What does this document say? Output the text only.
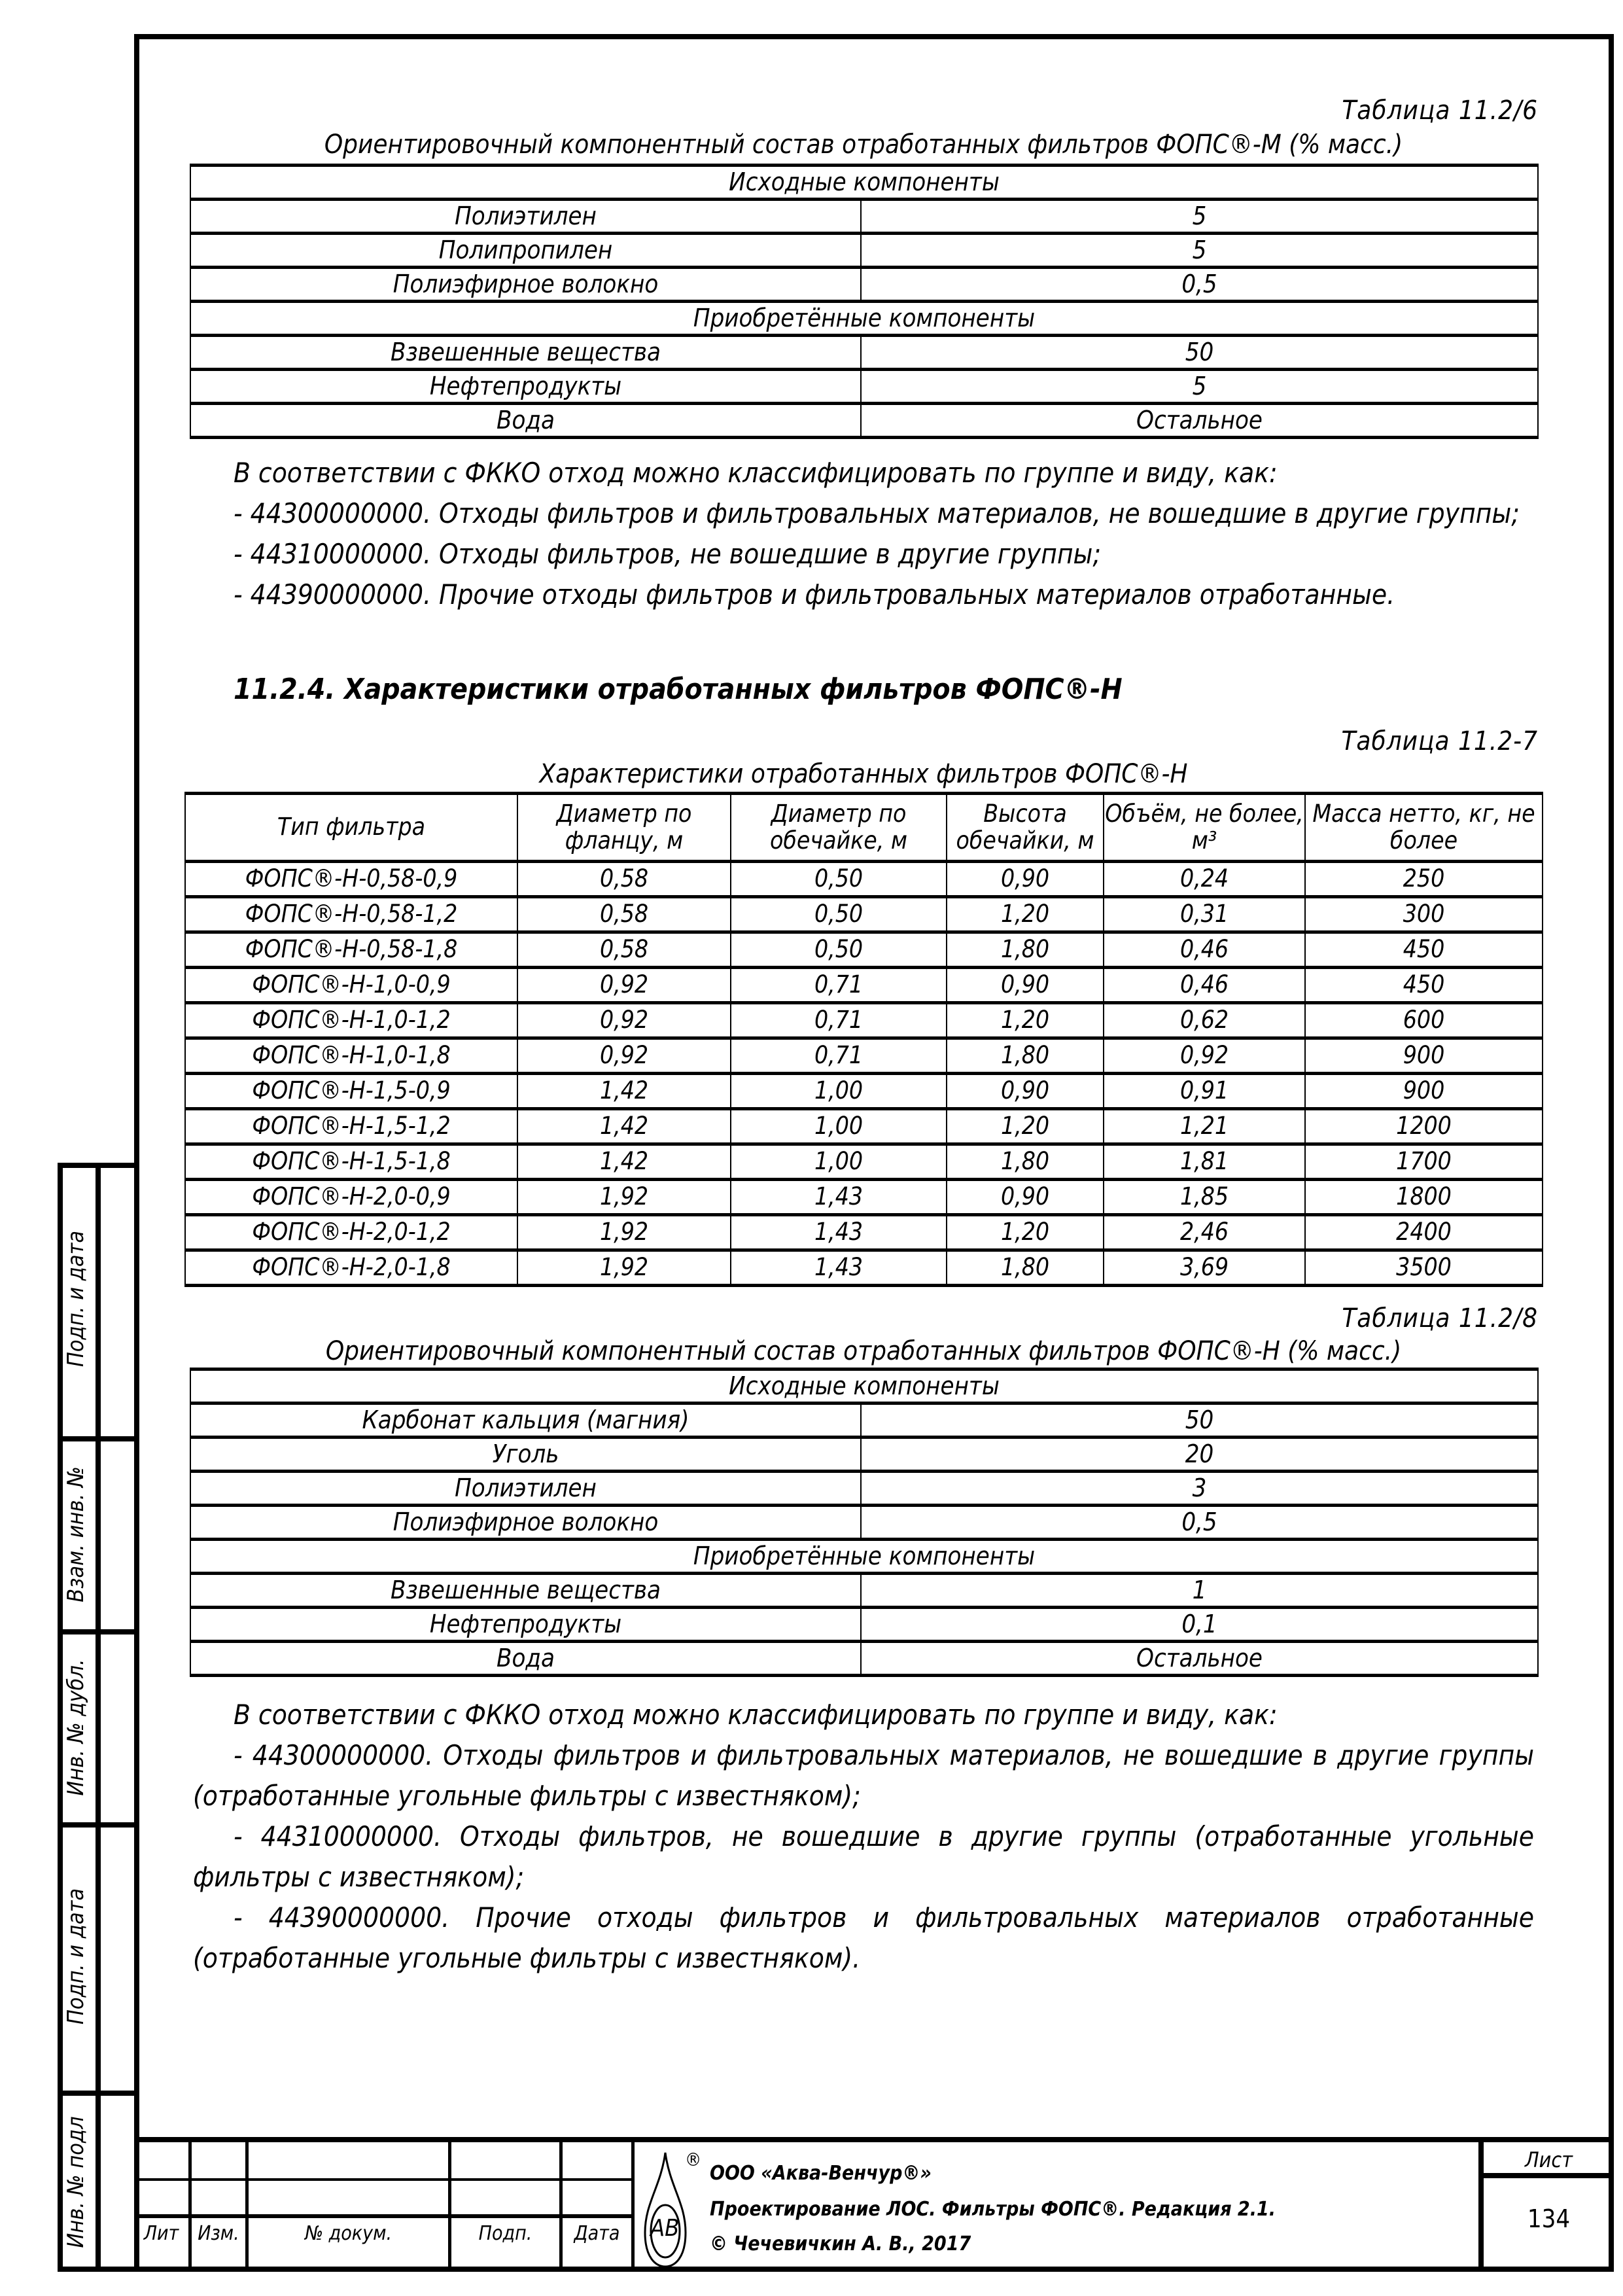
Таблица 11.2/6
Ориентировочный компонентный состав отработанных фильтров ФОПС®-М (% масс.)
Исходные компоненты	
Полиэтилен	5
Полипропилен	5
Полиэфирное волокно	0,5
Приобретённые компоненты	
Взвешенные вещества	50
Нефтепродукты	5
Вода	Остальное
В соответствии с ФККО отход можно классифицировать по группе и виду, как:
- 44300000000. Отходы фильтров и фильтровальных материалов, не вошедшие в другие группы;
- 44310000000. Отходы фильтров, не вошедшие в другие группы;
- 44390000000. Прочие отходы фильтров и фильтровальных материалов отработанные.
11.2.4. Характеристики отработанных фильтров ФОПС®-Н
Таблица 11.2-7
Характеристики отработанных фильтров ФОПС®-Н
Тип фильтра	Диаметр по фланцу, м	Диаметр по обечайке, м	Высота обечайки, м	Объём, не более, м³	Масса нетто, кг, не более
ФОПС®-Н-0,58-0,9	0,58	0,50	0,90	0,24	250
ФОПС®-Н-0,58-1,2	0,58	0,50	1,20	0,31	300
ФОПС®-Н-0,58-1,8	0,58	0,50	1,80	0,46	450
ФОПС®-Н-1,0-0,9	0,92	0,71	0,90	0,46	450
ФОПС®-Н-1,0-1,2	0,92	0,71	1,20	0,62	600
ФОПС®-Н-1,0-1,8	0,92	0,71	1,80	0,92	900
ФОПС®-Н-1,5-0,9	1,42	1,00	0,90	0,91	900
ФОПС®-Н-1,5-1,2	1,42	1,00	1,20	1,21	1200
ФОПС®-Н-1,5-1,8	1,42	1,00	1,80	1,81	1700
ФОПС®-Н-2,0-0,9	1,92	1,43	0,90	1,85	1800
ФОПС®-Н-2,0-1,2	1,92	1,43	1,20	2,46	2400
ФОПС®-Н-2,0-1,8	1,92	1,43	1,80	3,69	3500
Таблица 11.2/8
Ориентировочный компонентный состав отработанных фильтров ФОПС®-Н (% масс.)
Исходные компоненты	
Карбонат кальция (магния)	50
Уголь	20
Полиэтилен	3
Полиэфирное волокно	0,5
Приобретённые компоненты	
Взвешенные вещества	1
Нефтепродукты	0,1
Вода	Остальное
В соответствии с ФККО отход можно классифицировать по группе и виду, как:
- 44300000000. Отходы фильтров и фильтровальных материалов, не вошедшие в другие группы (отработанные угольные фильтры с известняком);
- 44310000000. Отходы фильтров, не вошедшие в другие группы (отработанные угольные фильтры с известняком);
- 44390000000. Прочие отходы фильтров и фильтровальных материалов отработанные (отработанные угольные фильтры с известняком).
Подп. и дата
Взам. инв. №
Инв. № дубл.
Подп. и дата
Инв. № подл	Лит Изм.	№ докум.	Подп.	Дата	АВ
®
ООО «Аква-Венчур®»
Проектирование ЛОС. Фильтры ФОПС®. Редакция 2.1.
© Чечевичкин А. В., 2017
Лист
134
